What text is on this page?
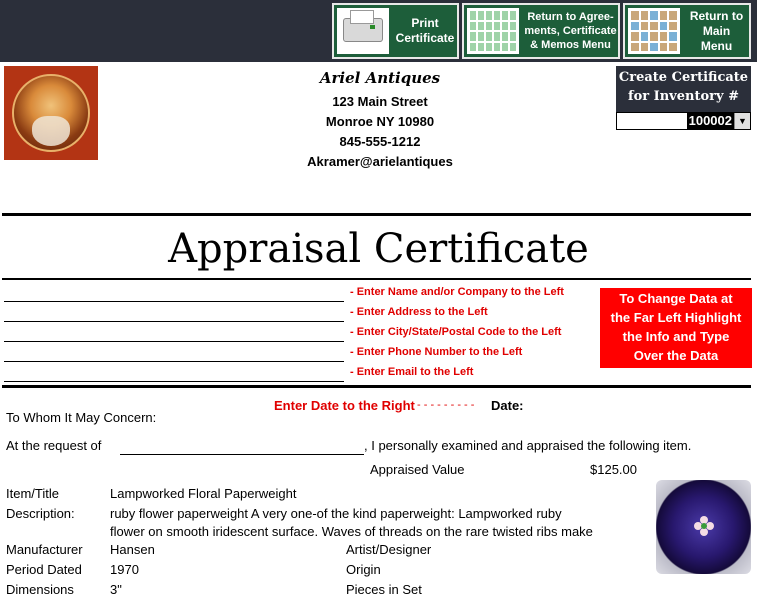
Print
Certificate
Return to Agree-
ments, Certificate
& Memos Menu
Return to
Main
Menu
Ariel Antiques
123 Main Street
Monroe NY 10980
845-555-1212
Akramer@arielantiques
Create Certificate
for Inventory #
100002 ▼
Appraisal Certificate
- Enter Name and/or Company to the Left
- Enter Address to the Left
- Enter City/State/Postal Code to the Left
- Enter Phone Number to the Left
- Enter Email to the Left
To Change Data at
the Far Left Highlight
the Info and Type
Over the Data
Enter Date to the Right - - - - - - - - - Date:
To Whom It May Concern:
At the request of	, I personally examined and appraised the following item.
Appraised Value	$125.00
Item/Title	Lampworked Floral Paperweight
Description:	ruby flower paperweight A very one-of the kind paperweight: Lampworked ruby
flower on smooth iridescent surface. Waves of threads on the rare twisted ribs make
Manufacturer Hansen	Artist/Designer
Period Dated 1970	Origin
Dimensions	3"	Pieces in Set
